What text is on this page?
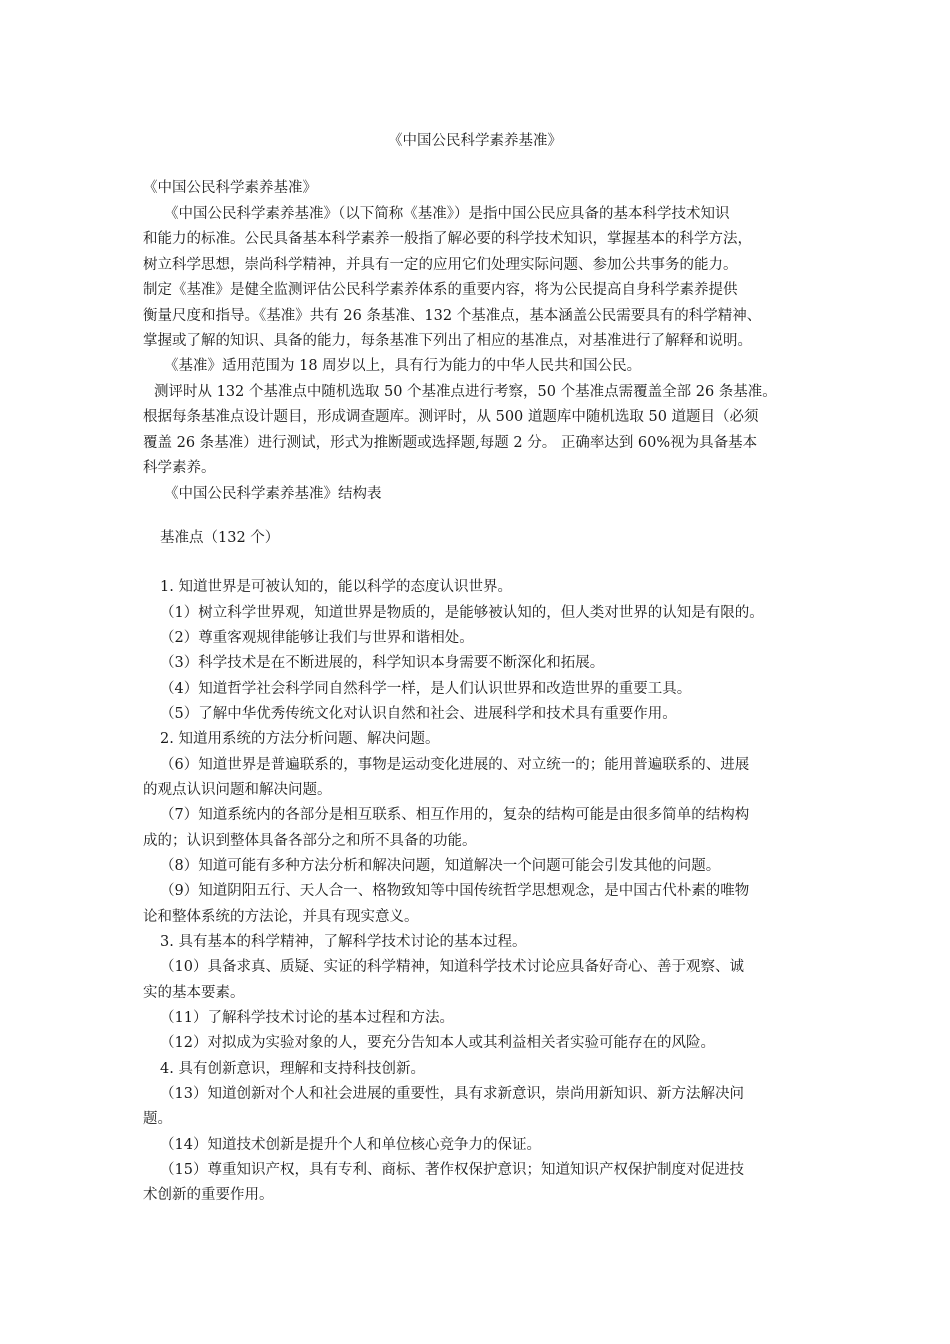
《中国公民科学素养基准》
《中国公民科学素养基准》
《中国公民科学素养基准》（以下简称《基准》）是指中国公民应具备的基本科学技术知识
和能力的标准。公民具备基本科学素养一般指了解必要的科学技术知识，掌握基本的科学方法，
树立科学思想，崇尚科学精神，并具有一定的应用它们处理实际问题、参加公共事务的能力。
制定《基准》是健全监测评估公民科学素养体系的重要内容，将为公民提高自身科学素养提供
衡量尺度和指导。《基准》共有 26 条基准、132 个基准点，基本涵盖公民需要具有的科学精神、
掌握或了解的知识、具备的能力，每条基准下列出了相应的基准点，对基准进行了解释和说明。
《基准》适用范围为 18 周岁以上，具有行为能力的中华人民共和国公民。
测评时从 132 个基准点中随机选取 50 个基准点进行考察，50 个基准点需覆盖全部 26 条基准。
根据每条基准点设计题目，形成调查题库。测评时，从 500 道题库中随机选取 50 道题目（必须
覆盖 26 条基准）进行测试，形式为推断题或选择题,每题 2 分。 正确率达到 60%视为具备基本
科学素养。
《中国公民科学素养基准》结构表
基准点（132 个）
1. 知道世界是可被认知的，能以科学的态度认识世界。
（1）树立科学世界观，知道世界是物质的，是能够被认知的，但人类对世界的认知是有限的。
（2）尊重客观规律能够让我们与世界和谐相处。
（3）科学技术是在不断进展的，科学知识本身需要不断深化和拓展。
（4）知道哲学社会科学同自然科学一样，是人们认识世界和改造世界的重要工具。
（5）了解中华优秀传统文化对认识自然和社会、进展科学和技术具有重要作用。
2. 知道用系统的方法分析问题、解决问题。
（6）知道世界是普遍联系的，事物是运动变化进展的、对立统一的；能用普遍联系的、进展
的观点认识问题和解决问题。
（7）知道系统内的各部分是相互联系、相互作用的，复杂的结构可能是由很多简单的结构构
成的；认识到整体具备各部分之和所不具备的功能。
（8）知道可能有多种方法分析和解决问题，知道解决一个问题可能会引发其他的问题。
（9）知道阴阳五行、天人合一、格物致知等中国传统哲学思想观念，是中国古代朴素的唯物
论和整体系统的方法论，并具有现实意义。
3. 具有基本的科学精神，了解科学技术讨论的基本过程。
（10）具备求真、质疑、实证的科学精神，知道科学技术讨论应具备好奇心、善于观察、诚
实的基本要素。
（11）了解科学技术讨论的基本过程和方法。
（12）对拟成为实验对象的人，要充分告知本人或其利益相关者实验可能存在的风险。
4. 具有创新意识，理解和支持科技创新。
（13）知道创新对个人和社会进展的重要性，具有求新意识，崇尚用新知识、新方法解决问
题。
（14）知道技术创新是提升个人和单位核心竞争力的保证。
（15）尊重知识产权，具有专利、商标、著作权保护意识；知道知识产权保护制度对促进技
术创新的重要作用。
